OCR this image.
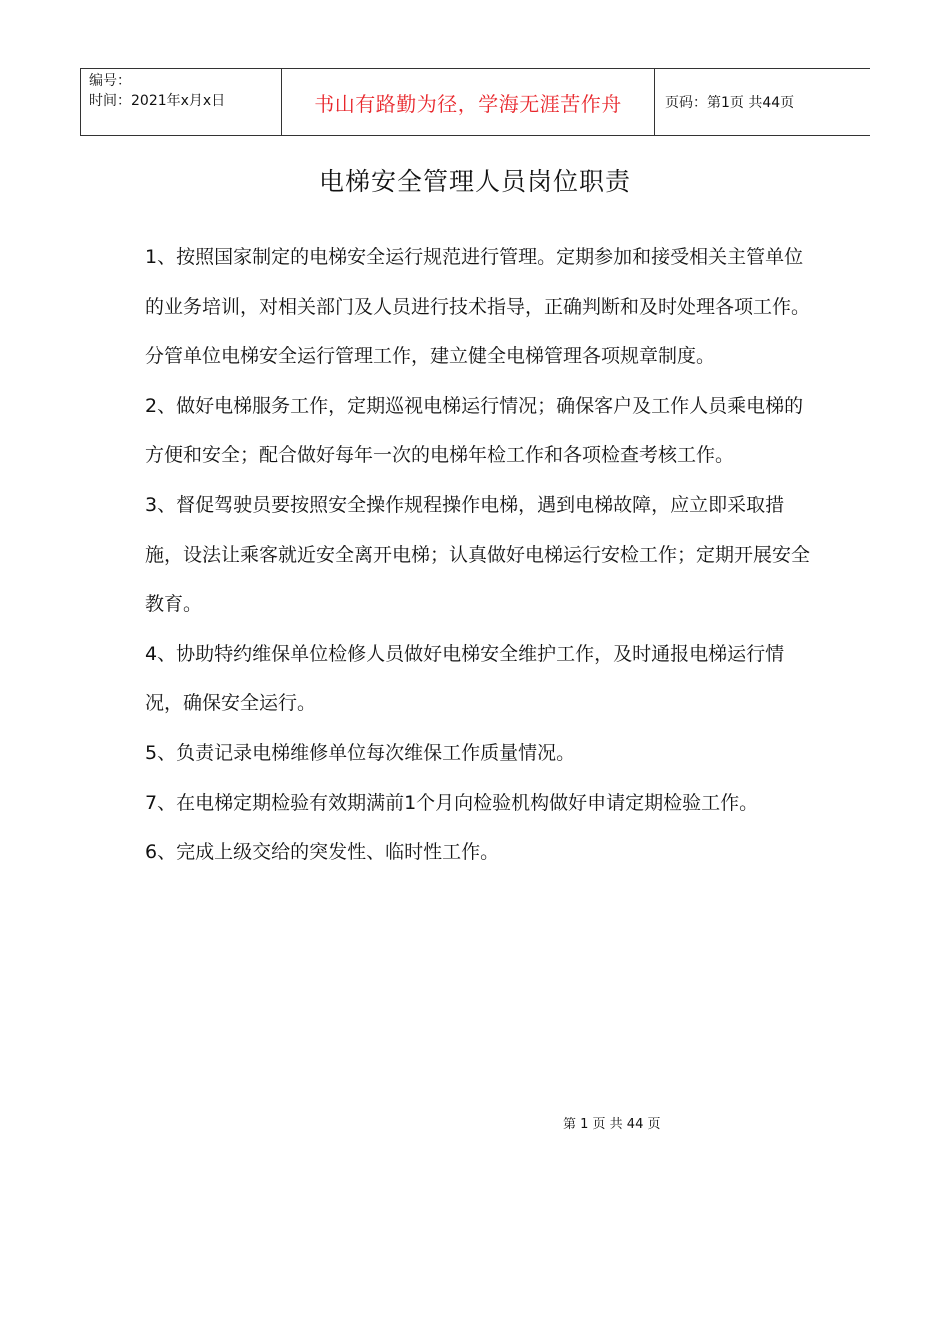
编号：
时间：2021年x月x日	书山有路勤为径，学海无涯苦作舟	页码：第1页 共44页
电梯安全管理人员岗位职责

1、按照国家制定的电梯安全运行规范进行管理。定期参加和接受相关主管单位的业务培训，对相关部门及人员进行技术指导，正确判断和及时处理各项工作。分管单位电梯安全运行管理工作，建立健全电梯管理各项规章制度。

2、做好电梯服务工作，定期巡视电梯运行情况；确保客户及工作人员乘电梯的方便和安全；配合做好每年一次的电梯年检工作和各项检查考核工作。

3、督促驾驶员要按照安全操作规程操作电梯，遇到电梯故障，应立即采取措施，设法让乘客就近安全离开电梯；认真做好电梯运行安检工作；定期开展安全教育。

4、协助特约维保单位检修人员做好电梯安全维护工作，及时通报电梯运行情况，确保安全运行。

5、负责记录电梯维修单位每次维保工作质量情况。

7、在电梯定期检验有效期满前1个月向检验机构做好申请定期检验工作。

6、完成上级交给的突发性、临时性工作。

第 1 页 共 44 页
